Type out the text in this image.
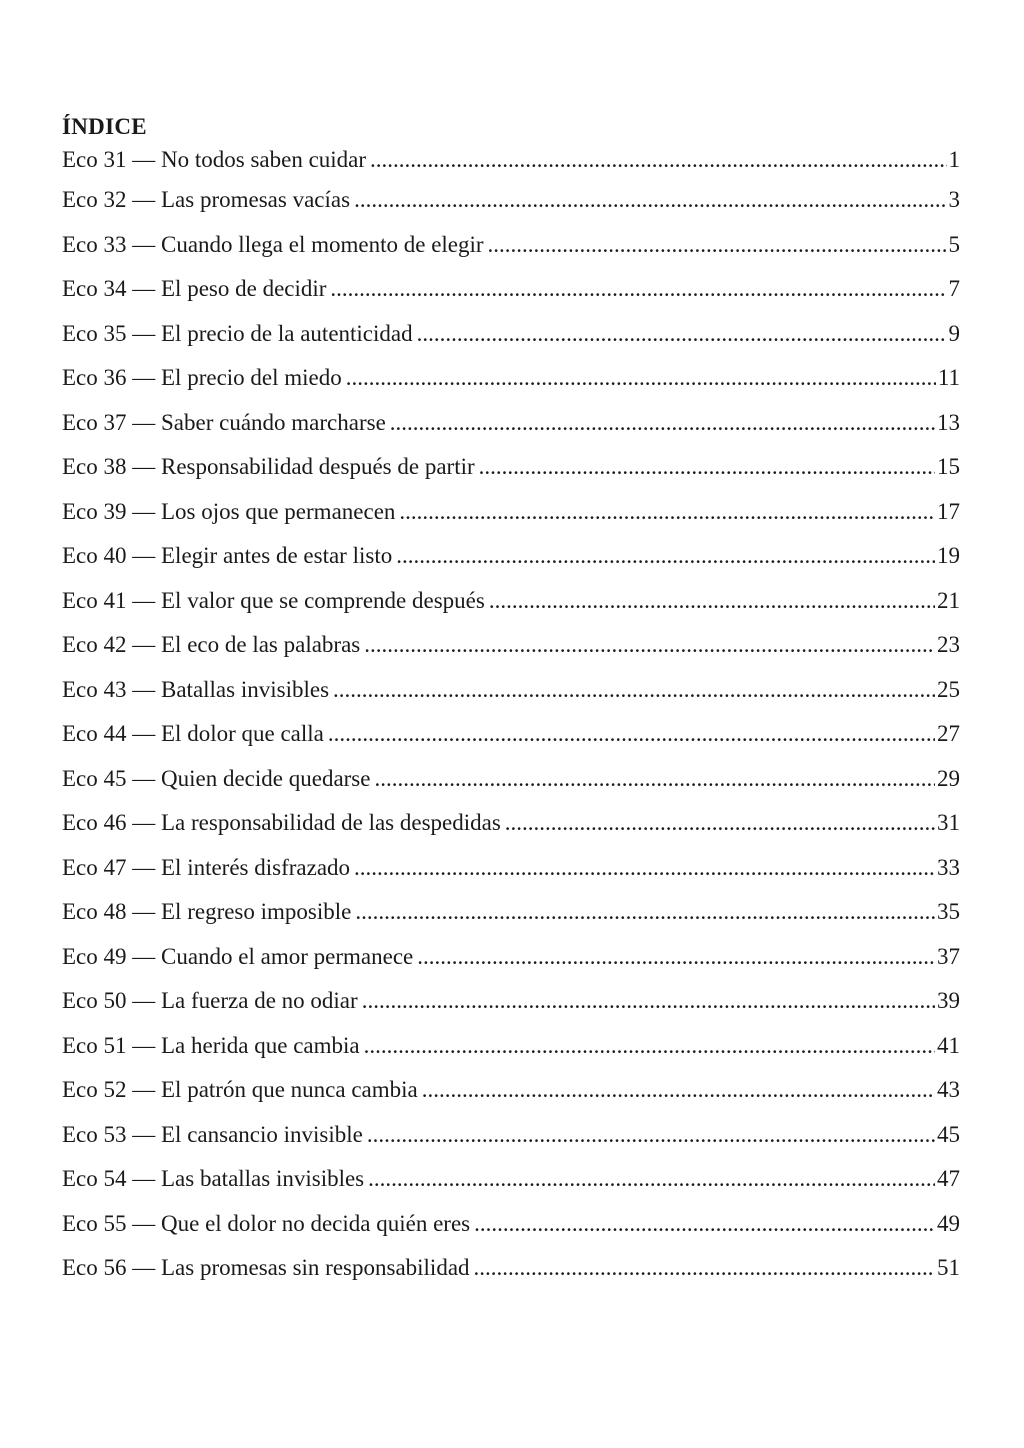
ÍNDICE
Eco 31 — No todos saben cuidar .....	1
Eco 32 — Las promesas vacías .....	3
Eco 33 — Cuando llega el momento de elegir .....	5
Eco 34 — El peso de decidir .....	7
Eco 35 — El precio de la autenticidad .....	9
Eco 36 — El precio del miedo .....	11
Eco 37 — Saber cuándo marcharse .....	13
Eco 38 — Responsabilidad después de partir .....	15
Eco 39 — Los ojos que permanecen .....	17
Eco 40 — Elegir antes de estar listo .....	19
Eco 41 — El valor que se comprende después .....	21
Eco 42 — El eco de las palabras .....	23
Eco 43 — Batallas invisibles .....	25
Eco 44 — El dolor que calla .....	27
Eco 45 — Quien decide quedarse .....	29
Eco 46 — La responsabilidad de las despedidas .....	31
Eco 47 — El interés disfrazado .....	33
Eco 48 — El regreso imposible .....	35
Eco 49 — Cuando el amor permanece .....	37
Eco 50 — La fuerza de no odiar .....	39
Eco 51 — La herida que cambia .....	41
Eco 52 — El patrón que nunca cambia .....	43
Eco 53 — El cansancio invisible .....	45
Eco 54 — Las batallas invisibles .....	47
Eco 55 — Que el dolor no decida quién eres .....	49
Eco 56 — Las promesas sin responsabilidad .....	51
